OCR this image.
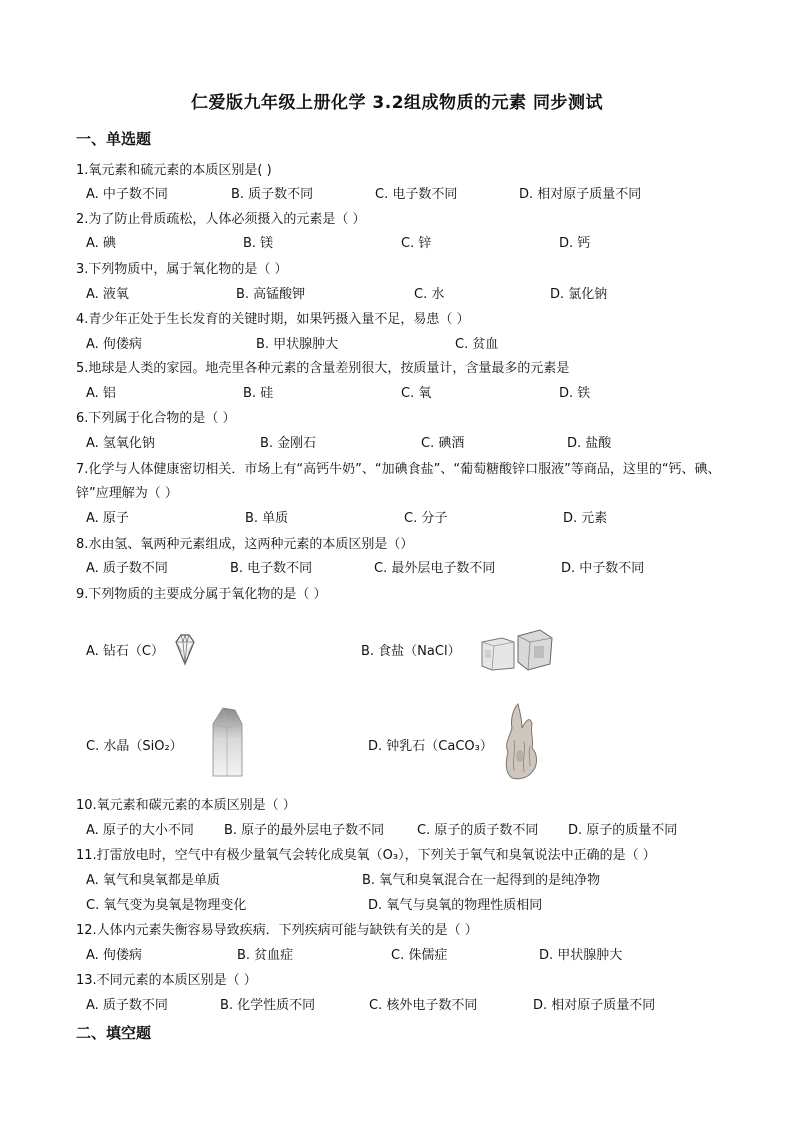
仁爱版九年级上册化学 3.2组成物质的元素 同步测试
一、单选题
1.氧元素和硫元素的本质区别是( )
A. 中子数不同	B. 质子数不同	C. 电子数不同	D. 相对原子质量不同
2.为了防止骨质疏松，人体必须摄入的元素是（ ）
A. 碘	B. 镁	C. 锌	D. 钙
3.下列物质中，属于氧化物的是（ ）
A. 液氧	B. 高锰酸钾	C. 水	D. 氯化钠
4.青少年正处于生长发育的关键时期，如果钙摄入量不足，易患（ ）
A. 佝偻病	B. 甲状腺肿大	C. 贫血
5.地球是人类的家园。地壳里各种元素的含量差别很大，按质量计，含量最多的元素是
A. 铝	B. 硅	C. 氧	D. 铁
6.下列属于化合物的是（ ）
A. 氢氧化钠	B. 金刚石	C. 碘酒	D. 盐酸
7.化学与人体健康密切相关．市场上有“高钙牛奶”、“加碘食盐”、“葡萄糖酸锌口服液”等商品，这里的“钙、碘、锌”应理解为（ ）
A. 原子	B. 单质	C. 分子	D. 元素
8.水由氢、氧两种元素组成，这两种元素的本质区别是（）
A. 质子数不同	B. 电子数不同	C. 最外层电子数不同	D. 中子数不同
9.下列物质的主要成分属于氧化物的是（ ）
A. 钻石（C）	B. 食盐（NaCl）
C. 水晶（SiO₂）	D. 钟乳石（CaCO₃）
10.氧元素和碳元素的本质区别是（ ）
A. 原子的大小不同 B. 原子的最外层电子数不同	C. 原子的质子数不同 D. 原子的质量不同
11.打雷放电时，空气中有极少量氧气会转化成臭氧（O₃），下列关于氧气和臭氧说法中正确的是（ ）
A. 氧气和臭氧都是单质	B. 氧气和臭氧混合在一起得到的是纯净物
C. 氧气变为臭氧是物理变化	D. 氧气与臭氧的物理性质相同
12.人体内元素失衡容易导致疾病．下列疾病可能与缺铁有关的是（ ）
A. 佝偻病	B. 贫血症	C. 侏儒症	D. 甲状腺肿大
13.不同元素的本质区别是（ ）
A. 质子数不同	B. 化学性质不同	C. 核外电子数不同	D. 相对原子质量不同
二、填空题
